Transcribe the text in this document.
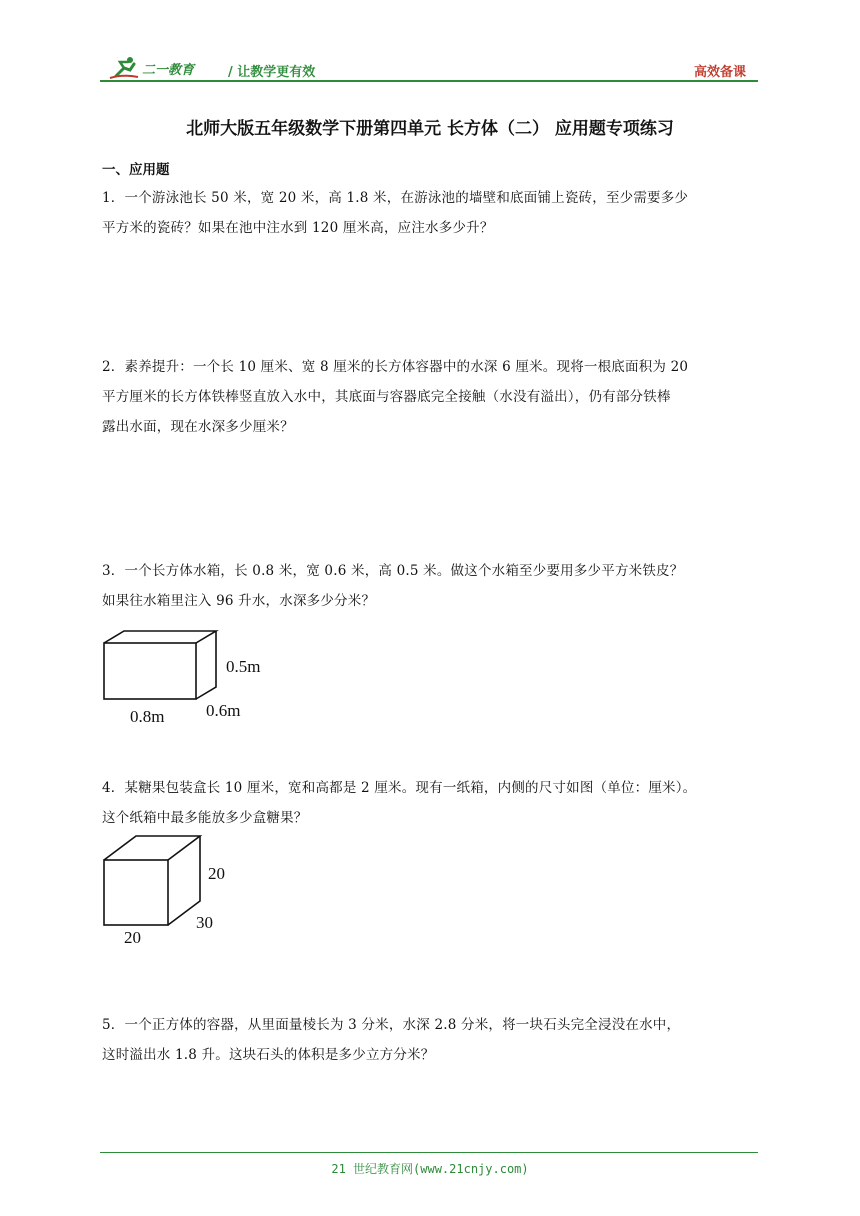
二一教育	/ 让教学更有效	高效备课
北师大版五年级数学下册第四单元 长方体（二） 应用题专项练习
一、应用题
1．一个游泳池长 50 米，宽 20 米，高 1.8 米，在游泳池的墙壁和底面铺上瓷砖，至少需要多少
平方米的瓷砖？如果在池中注水到 120 厘米高，应注水多少升？
2．素养提升：一个长 10 厘米、宽 8 厘米的长方体容器中的水深 6 厘米。现将一根底面积为 20
平方厘米的长方体铁棒竖直放入水中，其底面与容器底完全接触（水没有溢出），仍有部分铁棒
露出水面，现在水深多少厘米？
3．一个长方体水箱，长 0.8 米，宽 0.6 米，高 0.5 米。做这个水箱至少要用多少平方米铁皮？
如果往水箱里注入 96 升水，水深多少分米？
0.5m
0.8m 0.6m
4．某糖果包装盒长 10 厘米，宽和高都是 2 厘米。现有一纸箱，内侧的尺寸如图（单位：厘米）。
这个纸箱中最多能放多少盒糖果？
20
30
20
5．一个正方体的容器，从里面量棱长为 3 分米，水深 2.8 分米，将一块石头完全浸没在水中，
这时溢出水 1.8 升。这块石头的体积是多少立方分米？
21 世纪教育网(www.21cnjy.com)
